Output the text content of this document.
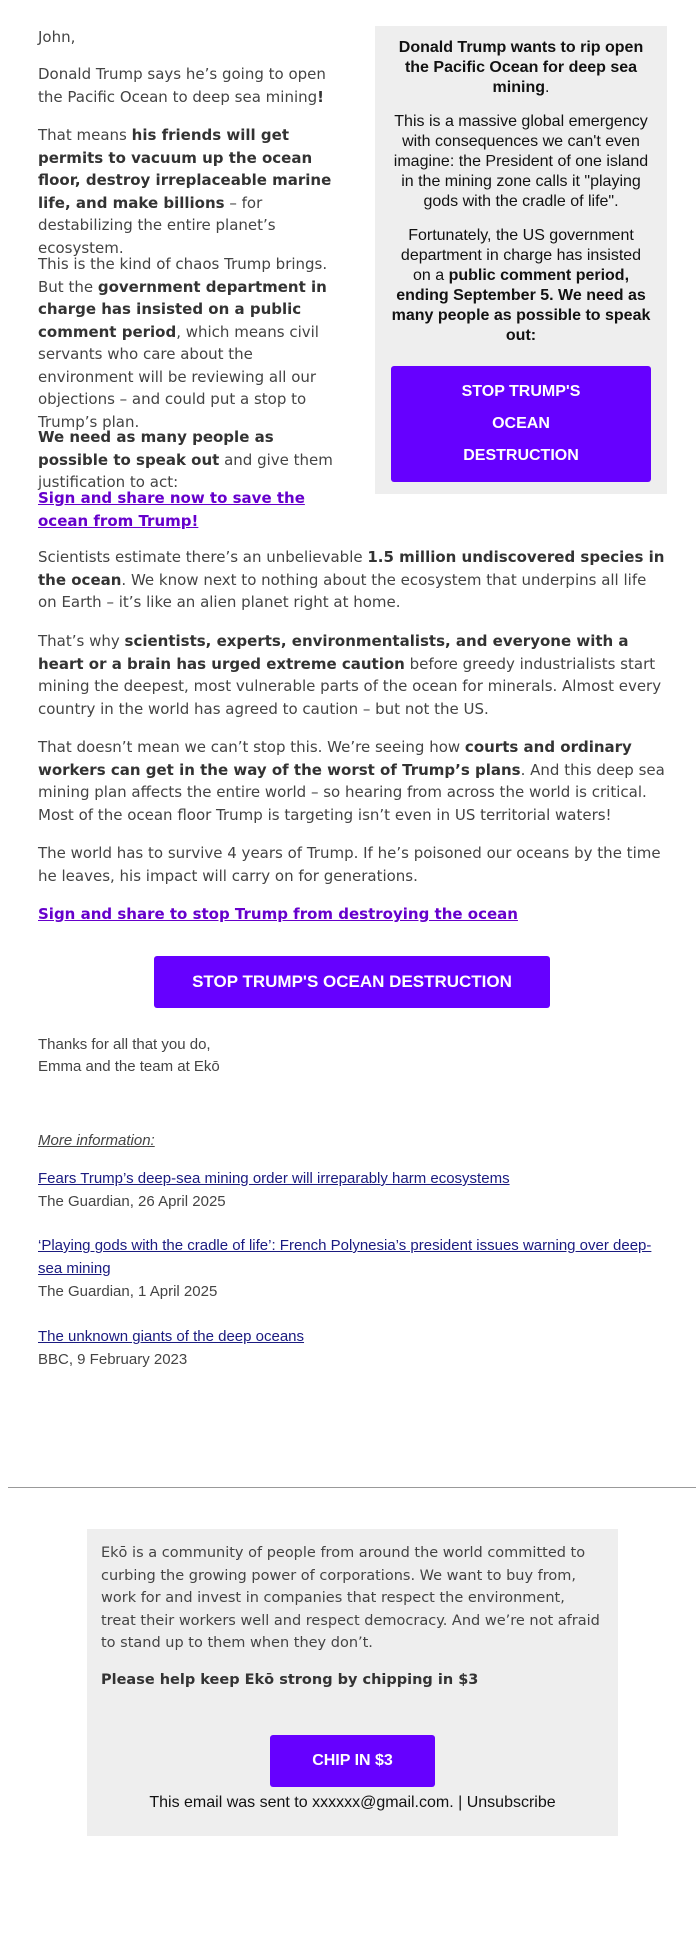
John,

Donald Trump says he’s going to open the Pacific Ocean to deep sea mining!

That means his friends will get permits to vacuum up the ocean floor, destroy irreplaceable marine life, and make billions – for destabilizing the entire planet’s ecosystem.

This is the kind of chaos Trump brings. But the government department in charge has insisted on a public comment period, which means civil servants who care about the environment will be reviewing all our objections – and could put a stop to Trump’s plan.

We need as many people as possible to speak out and give them justification to act:

Sign and share now to save the ocean from Trump!

Scientists estimate there’s an unbelievable 1.5 million undiscovered species in the ocean. We know next to nothing about the ecosystem that underpins all life on Earth – it’s like an alien planet right at home.

That’s why scientists, experts, environmentalists, and everyone with a heart or a brain has urged extreme caution before greedy industrialists start mining the deepest, most vulnerable parts of the ocean for minerals. Almost every country in the world has agreed to caution – but not the US.

That doesn’t mean we can’t stop this. We’re seeing how courts and ordinary workers can get in the way of the worst of Trump’s plans. And this deep sea mining plan affects the entire world – so hearing from across the world is critical. Most of the ocean floor Trump is targeting isn’t even in US territorial waters!

The world has to survive 4 years of Trump. If he’s poisoned our oceans by the time he leaves, his impact will carry on for generations.

Sign and share to stop Trump from destroying the ocean

Thanks for all that you do,

Emma and the team at Ekō

More information:

Fears Trump’s deep-sea mining order will irreparably harm ecosystems

The Guardian, 26 April 2025

‘Playing gods with the cradle of life’: French Polynesia’s president issues warning over deep-sea mining

The Guardian, 1 April 2025

The unknown giants of the deep oceans

BBC, 9 February 2023

Donald Trump wants to rip open the Pacific Ocean for deep sea mining.

This is a massive global emergency with consequences we can't even imagine: the President of one island in the mining zone calls it "playing gods with the cradle of life".

Fortunately, the US government department in charge has insisted on a public comment period, ending September 5. We need as many people as possible to speak out:

STOP TRUMP'S
OCEAN
DESTRUCTION
STOP TRUMP'S OCEAN DESTRUCTION

Ekō is a community of people from around the world committed to curbing the growing power of corporations. We want to buy from, work for and invest in companies that respect the environment, treat their workers well and respect democracy. And we’re not afraid to stand up to them when they don’t.

Please help keep Ekō strong by chipping in $3

CHIP IN $3

This email was sent to xxxxxx@gmail.com. | Unsubscribe
